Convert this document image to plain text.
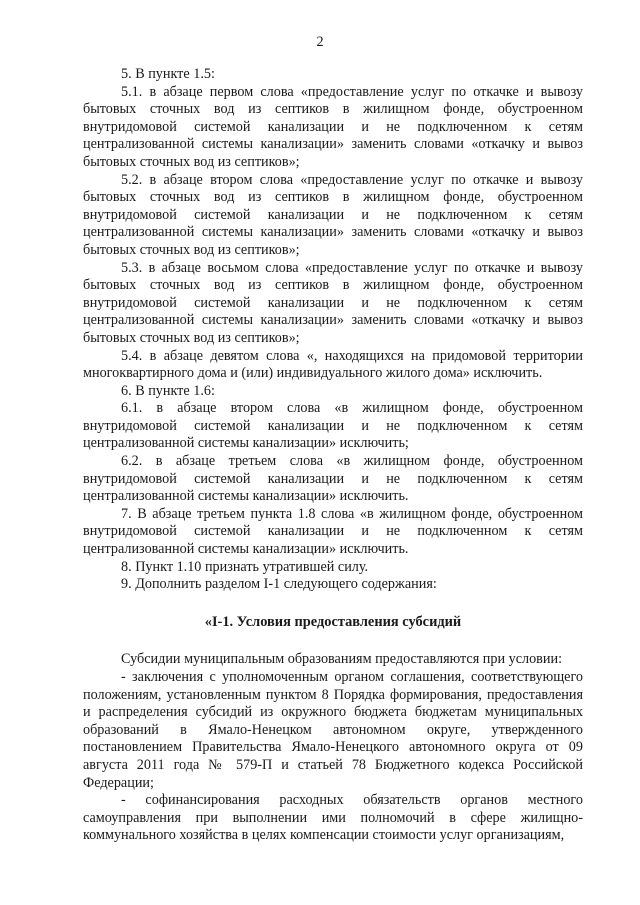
2

5. В пункте 1.5:

5.1. в абзаце первом слова «предоставление услуг по откачке и вывозу бытовых сточных вод из септиков в жилищном фонде, обустроенном внутридомовой системой канализации и не подключенном к сетям централизованной системы канализации» заменить словами «откачку и вывоз бытовых сточных вод из септиков»;

5.2. в абзаце втором слова «предоставление услуг по откачке и вывозу бытовых сточных вод из септиков в жилищном фонде, обустроенном внутридомовой системой канализации и не подключенном к сетям централизованной системы канализации» заменить словами «откачку и вывоз бытовых сточных вод из септиков»;

5.3. в абзаце восьмом слова «предоставление услуг по откачке и вывозу бытовых сточных вод из септиков в жилищном фонде, обустроенном внутридомовой системой канализации и не подключенном к сетям централизованной системы канализации» заменить словами «откачку и вывоз бытовых сточных вод из септиков»;

5.4. в абзаце девятом слова «, находящихся на придомовой территории многоквартирного дома и (или) индивидуального жилого дома» исключить.

6. В пункте 1.6:

6.1. в абзаце втором слова «в жилищном фонде, обустроенном внутридомовой системой канализации и не подключенном к сетям централизованной системы канализации» исключить;

6.2. в абзаце третьем слова «в жилищном фонде, обустроенном внутридомовой системой канализации и не подключенном к сетям централизованной системы канализации» исключить.

7. В абзаце третьем пункта 1.8 слова «в жилищном фонде, обустроенном внутридомовой системой канализации и не подключенном к сетям централизованной системы канализации» исключить.

8. Пункт 1.10 признать утратившей силу.

9. Дополнить разделом I-1 следующего содержания:

«I-1. Условия предоставления субсидий

Субсидии муниципальным образованиям предоставляются при условии:

- заключения с уполномоченным органом соглашения, соответствующего положениям, установленным пунктом 8 Порядка формирования, предоставления и распределения субсидий из окружного бюджета бюджетам муниципальных образований в Ямало-Ненецком автономном округе, утвержденного постановлением Правительства Ямало-Ненецкого автономного округа от 09 августа 2011 года № 579-П и статьей 78 Бюджетного кодекса Российской Федерации;

- софинансирования расходных обязательств органов местного самоуправления при выполнении ими полномочий в сфере жилищно-коммунального хозяйства в целях компенсации стоимости услуг организациям,
